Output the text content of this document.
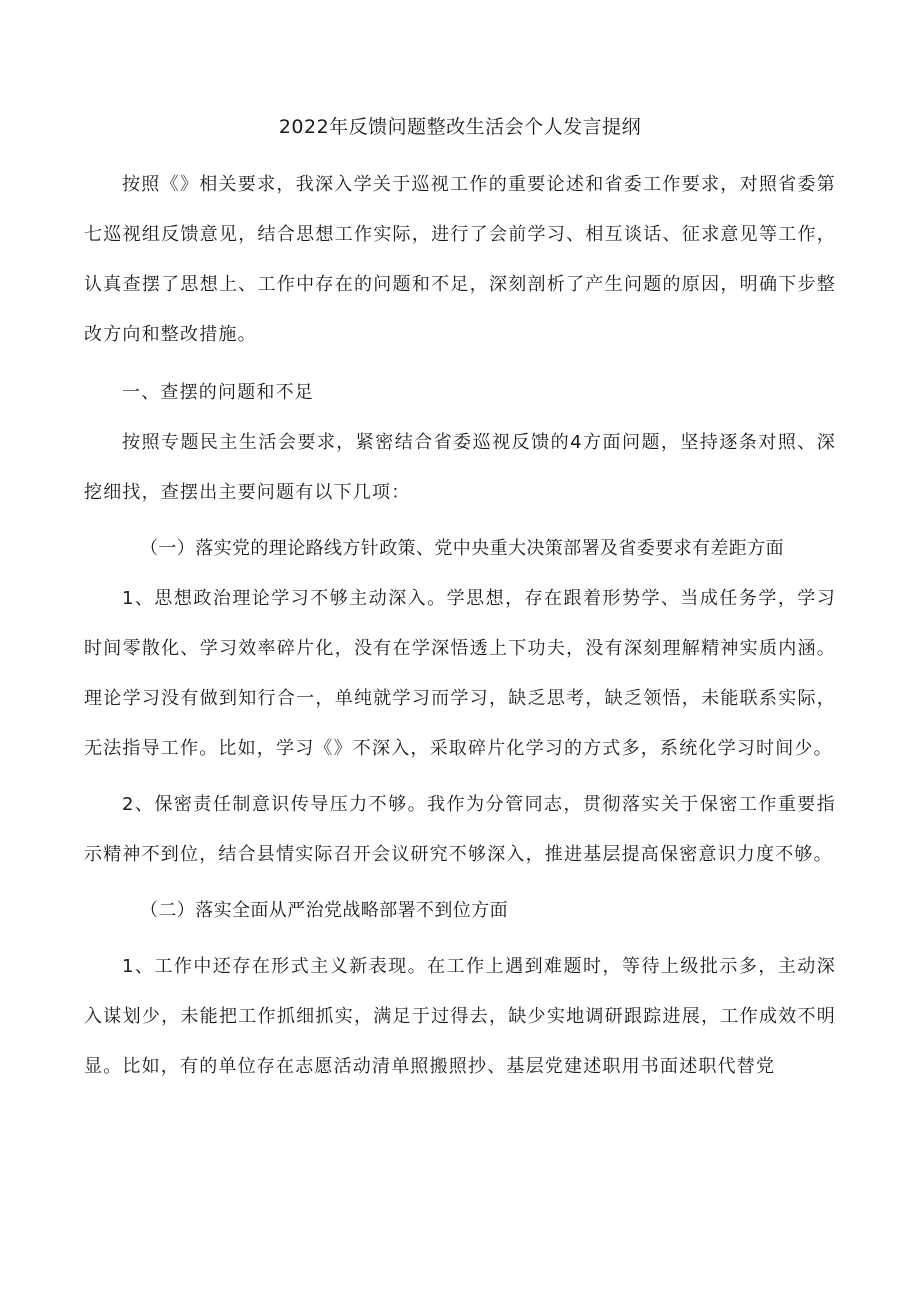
2022年反馈问题整改生活会个人发言提纲

按照《》相关要求，我深入学关于巡视工作的重要论述和省委工作要求，对照省委第七巡视组反馈意见，结合思想工作实际，进行了会前学习、相互谈话、征求意见等工作，认真查摆了思想上、工作中存在的问题和不足，深刻剖析了产生问题的原因，明确下步整改方向和整改措施。

一、查摆的问题和不足

按照专题民主生活会要求，紧密结合省委巡视反馈的4方面问题，坚持逐条对照、深挖细找，查摆出主要问题有以下几项：

（一）落实党的理论路线方针政策、党中央重大决策部署及省委要求有差距方面

1、思想政治理论学习不够主动深入。学思想，存在跟着形势学、当成任务学，学习时间零散化、学习效率碎片化，没有在学深悟透上下功夫，没有深刻理解精神实质内涵。理论学习没有做到知行合一，单纯就学习而学习，缺乏思考，缺乏领悟，未能联系实际，无法指导工作。比如，学习《》不深入，采取碎片化学习的方式多，系统化学习时间少。

2、保密责任制意识传导压力不够。我作为分管同志，贯彻落实关于保密工作重要指示精神不到位，结合县情实际召开会议研究不够深入，推进基层提高保密意识力度不够。

（二）落实全面从严治党战略部署不到位方面

1、工作中还存在形式主义新表现。在工作上遇到难题时，等待上级批示多，主动深入谋划少，未能把工作抓细抓实，满足于过得去，缺少实地调研跟踪进展，工作成效不明显。比如，有的单位存在志愿活动清单照搬照抄、基层党建述职用书面述职代替党
